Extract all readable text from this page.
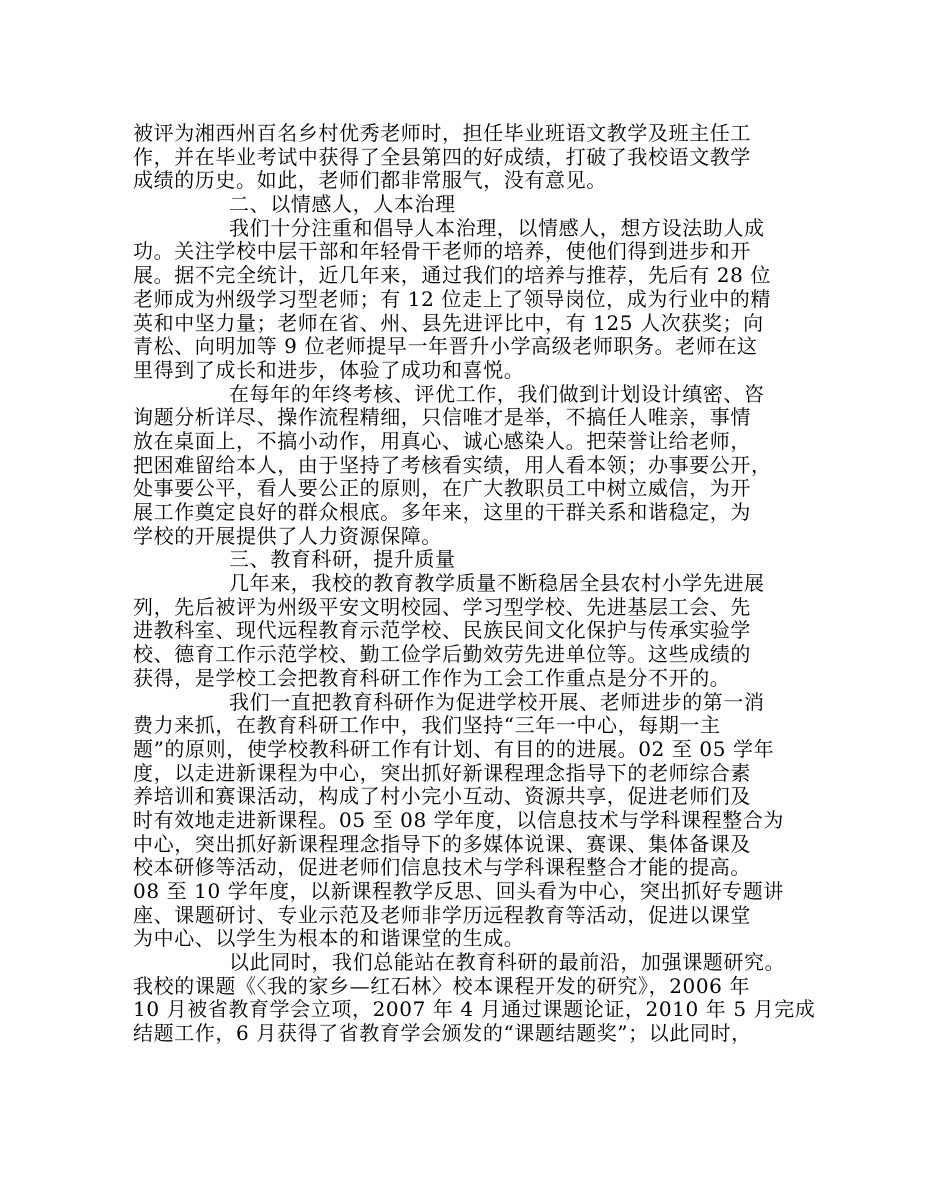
被评为湘西州百名乡村优秀老师时，担任毕业班语文教学及班主任工
作，并在毕业考试中获得了全县第四的好成绩，打破了我校语文教学
成绩的历史。如此，老师们都非常服气，没有意见。
二、以情感人，人本治理
我们十分注重和倡导人本治理，以情感人，想方设法助人成
功。关注学校中层干部和年轻骨干老师的培养，使他们得到进步和开
展。据不完全统计，近几年来，通过我们的培养与推荐，先后有 28 位
老师成为州级学习型老师；有 12 位走上了领导岗位，成为行业中的精
英和中坚力量；老师在省、州、县先进评比中，有 125 人次获奖；向
青松、向明加等 9 位老师提早一年晋升小学高级老师职务。老师在这
里得到了成长和进步，体验了成功和喜悦。
在每年的年终考核、评优工作，我们做到计划设计缜密、咨
询题分析详尽、操作流程精细，只信唯才是举，不搞任人唯亲，事情
放在桌面上，不搞小动作，用真心、诚心感染人。把荣誉让给老师，
把困难留给本人，由于坚持了考核看实绩，用人看本领；办事要公开，
处事要公平，看人要公正的原则，在广大教职员工中树立威信，为开
展工作奠定良好的群众根底。多年来，这里的干群关系和谐稳定，为
学校的开展提供了人力资源保障。
三、教育科研，提升质量
几年来，我校的教育教学质量不断稳居全县农村小学先进展
列，先后被评为州级平安文明校园、学习型学校、先进基层工会、先
进教科室、现代远程教育示范学校、民族民间文化保护与传承实验学
校、德育工作示范学校、勤工俭学后勤效劳先进单位等。这些成绩的
获得，是学校工会把教育科研工作作为工会工作重点是分不开的。
我们一直把教育科研作为促进学校开展、老师进步的第一消
费力来抓，在教育科研工作中，我们坚持“三年一中心，每期一主
题”的原则，使学校教科研工作有计划、有目的的进展。02 至 05 学年
度，以走进新课程为中心，突出抓好新课程理念指导下的老师综合素
养培训和赛课活动，构成了村小完小互动、资源共享，促进老师们及
时有效地走进新课程。05 至 08 学年度，以信息技术与学科课程整合为
中心，突出抓好新课程理念指导下的多媒体说课、赛课、集体备课及
校本研修等活动，促进老师们信息技术与学科课程整合才能的提高。
08 至 10 学年度，以新课程教学反思、回头看为中心，突出抓好专题讲
座、课题研讨、专业示范及老师非学历远程教育等活动，促进以课堂
为中心、以学生为根本的和谐课堂的生成。
以此同时，我们总能站在教育科研的最前沿，加强课题研究。
我校的课题《〈我的家乡—红石林〉校本课程开发的研究》，2006 年
10 月被省教育学会立项，2007 年 4 月通过课题论证，2010 年 5 月完成
结题工作，6 月获得了省教育学会颁发的“课题结题奖”；以此同时，
